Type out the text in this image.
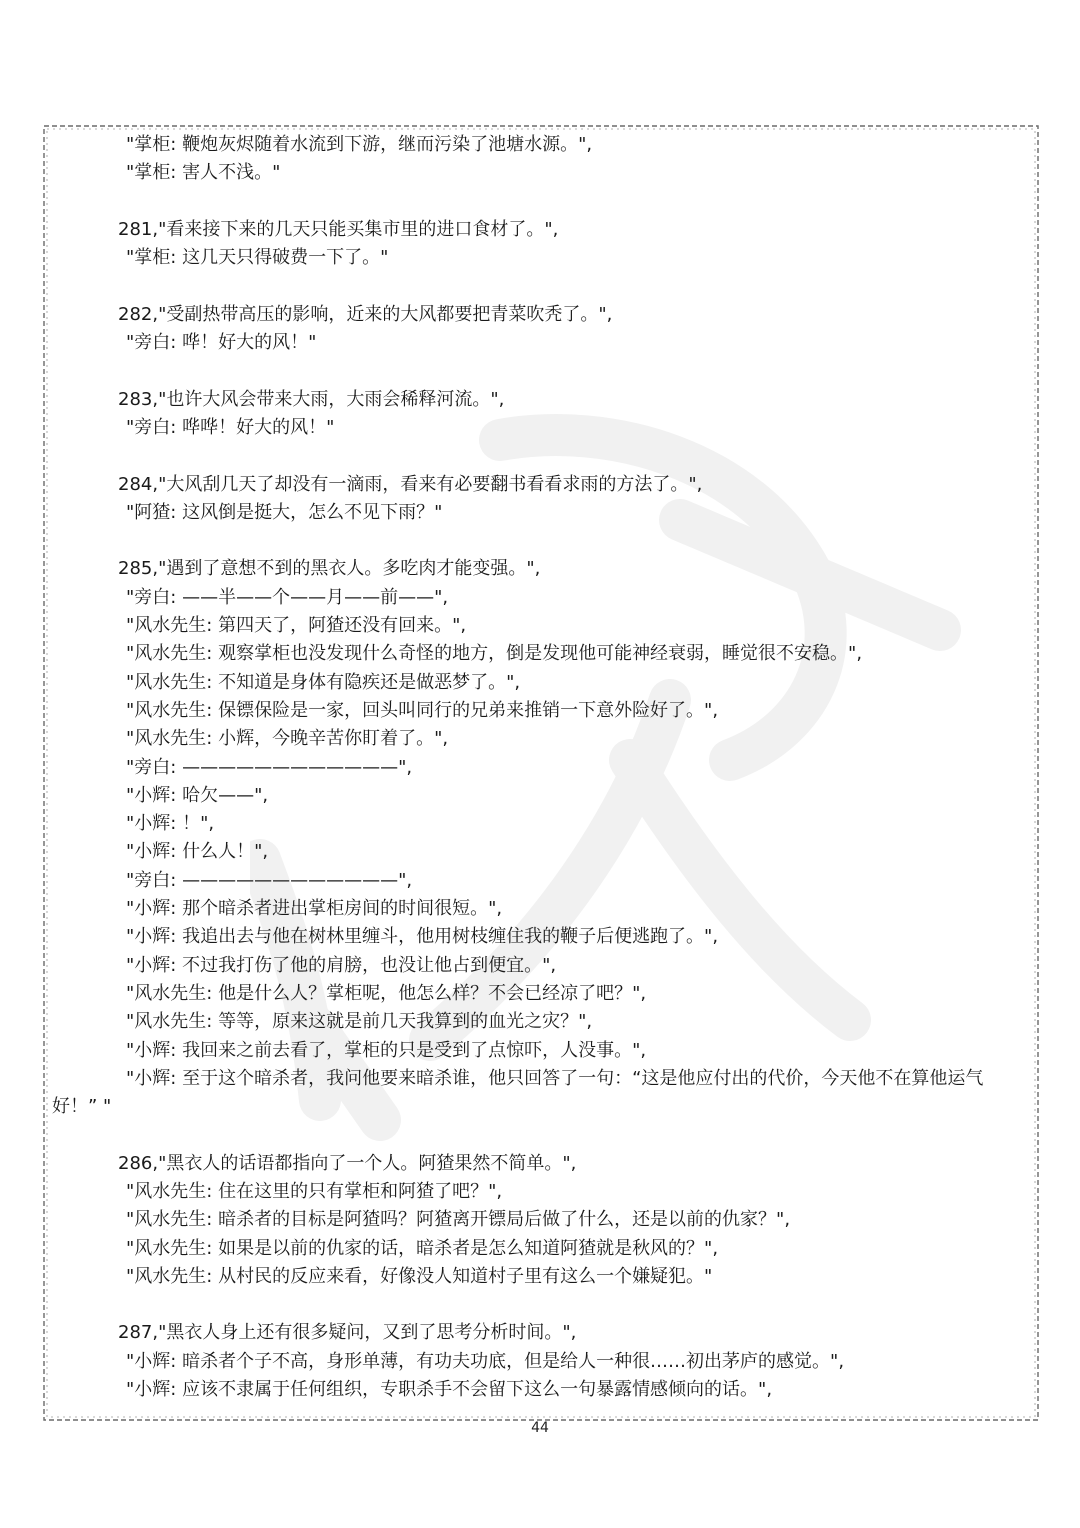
"掌柜: 鞭炮灰烬随着水流到下游，继而污染了池塘水源。",
"掌柜: 害人不浅。"
281,"看来接下来的几天只能买集市里的进口食材了。",
"掌柜: 这几天只得破费一下了。"
282,"受副热带高压的影响，近来的大风都要把青菜吹秃了。",
"旁白: 哗！好大的风！"
283,"也许大风会带来大雨，大雨会稀释河流。",
"旁白: 哗哗！好大的风！"
284,"大风刮几天了却没有一滴雨，看来有必要翻书看看求雨的方法了。",
"阿猹: 这风倒是挺大，怎么不见下雨？"
285,"遇到了意想不到的黑衣人。多吃肉才能变强。",
"旁白: ——半——个——月——前——",
"风水先生: 第四天了，阿猹还没有回来。",
"风水先生: 观察掌柜也没发现什么奇怪的地方，倒是发现他可能神经衰弱，睡觉很不安稳。",
"风水先生: 不知道是身体有隐疾还是做恶梦了。",
"风水先生: 保镖保险是一家，回头叫同行的兄弟来推销一下意外险好了。",
"风水先生: 小辉，今晚辛苦你盯着了。",
"旁白: ————————————",
"小辉: 哈欠——",
"小辉: ！",
"小辉: 什么人！",
"旁白: ————————————",
"小辉: 那个暗杀者进出掌柜房间的时间很短。",
"小辉: 我追出去与他在树林里缠斗，他用树枝缠住我的鞭子后便逃跑了。",
"小辉: 不过我打伤了他的肩膀，也没让他占到便宜。",
"风水先生: 他是什么人？掌柜呢，他怎么样？不会已经凉了吧？",
"风水先生: 等等，原来这就是前几天我算到的血光之灾？",
"小辉: 我回来之前去看了，掌柜的只是受到了点惊吓，人没事。",
"小辉: 至于这个暗杀者，我问他要来暗杀谁，他只回答了一句：“这是他应付出的代价，今天他不在算他运气
好！” "
286,"黑衣人的话语都指向了一个人。阿猹果然不简单。",
"风水先生: 住在这里的只有掌柜和阿猹了吧？",
"风水先生: 暗杀者的目标是阿猹吗？阿猹离开镖局后做了什么，还是以前的仇家？",
"风水先生: 如果是以前的仇家的话，暗杀者是怎么知道阿猹就是秋风的？",
"风水先生: 从村民的反应来看，好像没人知道村子里有这么一个嫌疑犯。"
287,"黑衣人身上还有很多疑问，又到了思考分析时间。",
"小辉: 暗杀者个子不高，身形单薄，有功夫功底，但是给人一种很……初出茅庐的感觉。",
"小辉: 应该不隶属于任何组织，专职杀手不会留下这么一句暴露情感倾向的话。",
44
